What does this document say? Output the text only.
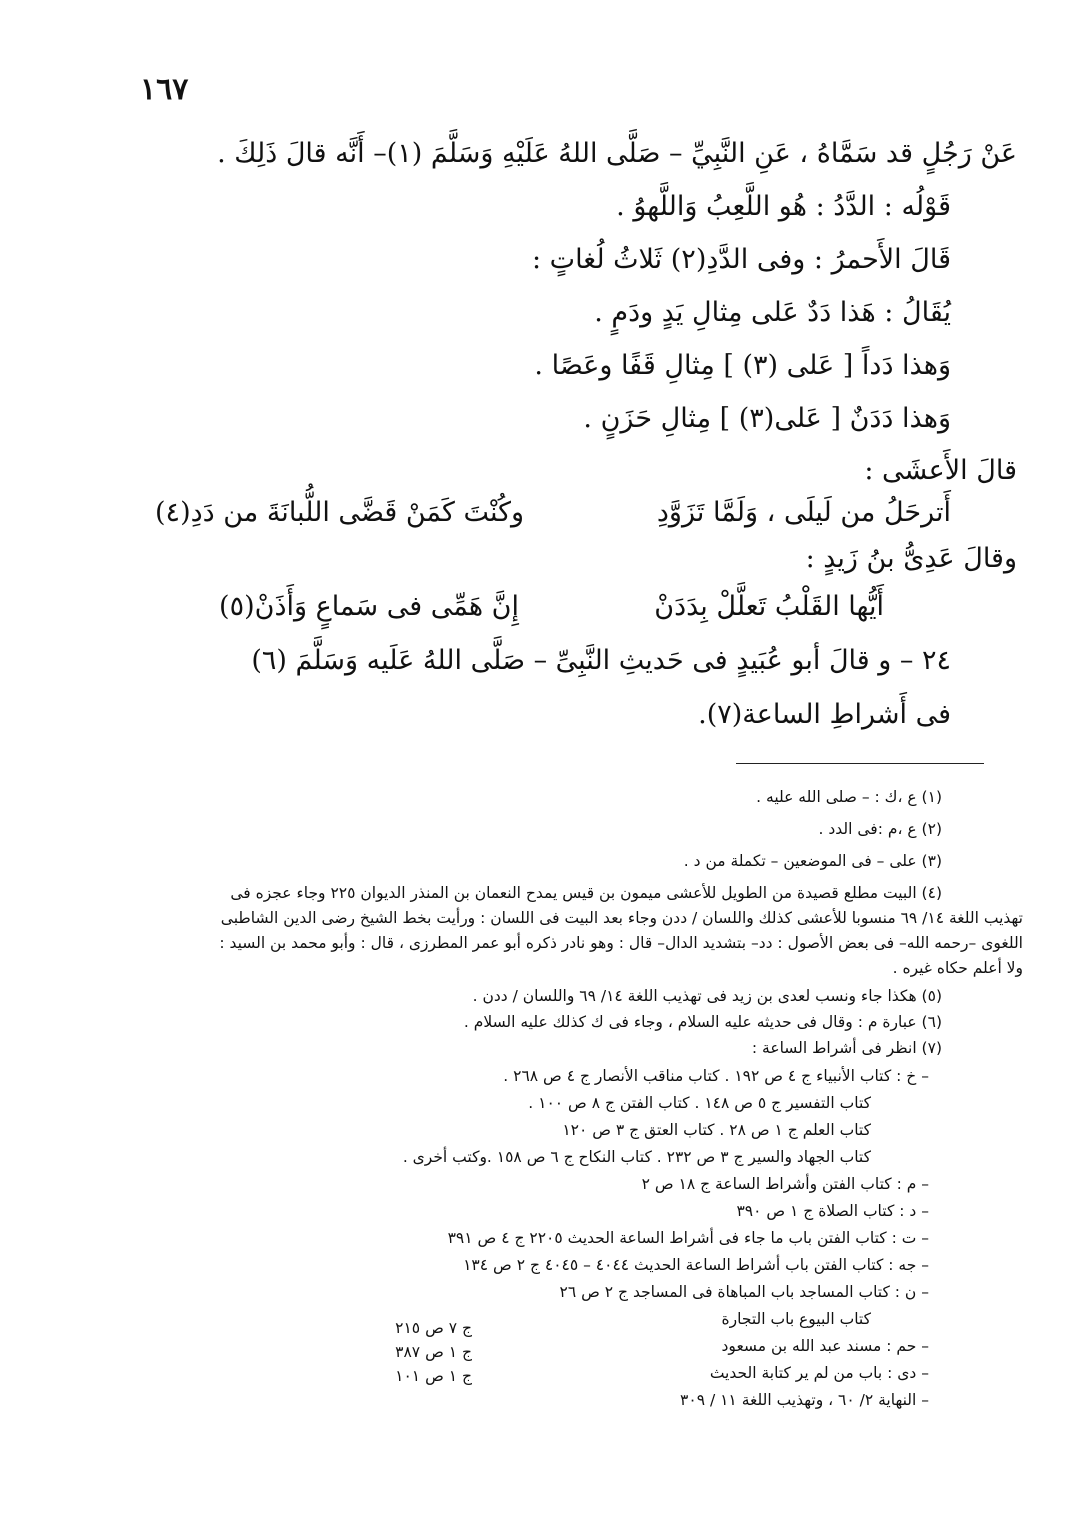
١٦٧
عَنْ رَجُلٍ قد سَمَّاهُ ، عَنِ النَّبِيِّ – صَلَّى اللهُ عَلَيْهِ وَسَلَّمَ (١)– أَنَّه قالَ ذَلِكَ .
قَوْلُه : الدَّدُ : هُو اللَّعِبُ وَاللَّهوُ .
قَالَ الأَحمرُ : وفى الدَّدِ(٢) ثَلاثُ لُغاتٍ :
يُقَالُ : هَذا دَدٌ عَلى مِثالِ يَدٍ ودَمٍ .
وَهذا دَداً [ عَلى (٣) ] مِثالِ قَفًا وعَصًا .
وَهذا دَدَنٌ [ عَلى(٣) ] مِثالِ حَزَنٍ .
قالَ الأَعشَى :
أَترحَلُ من لَيلَى ، وَلَمَّا تَزَوَّدِ
وكُنْتَ كَمَنْ قَضَّى اللُّبانَةَ من دَدِ(٤)
وقالَ عَدِىُّ بنُ زَيدٍ :
أَيُّها القَلْبُ تَعلَّلْ بِدَدَنْ
إِنَّ هَمِّى فى سَماعٍ وَأَذَنْ(٥)
٢٤ – و قالَ أبو عُبَيدٍ فى حَديثِ النَّبِىِّ – صَلَّى اللهُ عَلَيه وَسَلَّمَ (٦)
فى أَشراطِ الساعة(٧).
(١) ع ،ك : – صلى الله عليه .
(٢) ع ،م :فى الدد .
(٣) على – فى الموضعين – تكملة من د .
(٤) البيت مطلع قصيدة من الطويل للأعشى ميمون بن قيس يمدح النعمان بن المنذر الديوان ٢٢٥ وجاء عجزه فى
تهذيب اللغة ١٤/ ٦٩ منسوبا للأعشى كذلك واللسان / ددن وجاء بعد البيت فى اللسان : ورأيت بخط الشيخ رضى الدين الشاطبى
اللغوى –رحمه الله– فى بعض الأصول : دد– بتشديد الدال– قال : وهو نادر ذكره أبو عمر المطرزى ، قال : وأبو محمد بن السيد :
ولا أعلم حكاه غيره .
(٥) هكذا جاء ونسب لعدى بن زيد فى تهذيب اللغة ١٤/ ٦٩ واللسان / ددن .
(٦) عبارة م : وقال فى حديثه عليه السلام ، وجاء فى ك كذلك عليه السلام .
(٧) انظر فى أشراط الساعة :
– خ : كتاب الأنبياء ج ٤ ص ١٩٢ . كتاب مناقب الأنصار ج ٤ ص ٢٦٨ .
كتاب التفسير ج ٥ ص ١٤٨ . كتاب الفتن ج ٨ ص ١٠٠ .
كتاب العلم ج ١ ص ٢٨ . كتاب العتق ج ٣ ص ١٢٠
كتاب الجهاد والسير ج ٣ ص ٢٣٢ . كتاب النكاح ج ٦ ص ١٥٨ .وكتب أخرى .
– م : كتاب الفتن وأشراط الساعة ج ١٨ ص ٢
– د : كتاب الصلاة ج ١ ص ٣٩٠
– ت : كتاب الفتن باب ما جاء فى أشراط الساعة الحديث ٢٢٠٥ ج ٤ ص ٣٩١
– جه : كتاب الفتن باب أشراط الساعة الحديث ٤٠٤٤ – ٤٠٤٥ ج ٢ ص ١٣٤
– ن : كتاب المساجد باب المباهاة فى المساجد ج ٢ ص ٢٦
كتاب البيوع باب التجارة
– حم : مسند عبد الله بن مسعود
– دى : باب من لم ير كتابة الحديث
– النهاية ٢/ ٦٠ ، وتهذيب اللغة ١١ / ٣٠٩
ج ٧ ص ٢١٥
ج ١ ص ٣٨٧
ج ١ ص ١٠١
